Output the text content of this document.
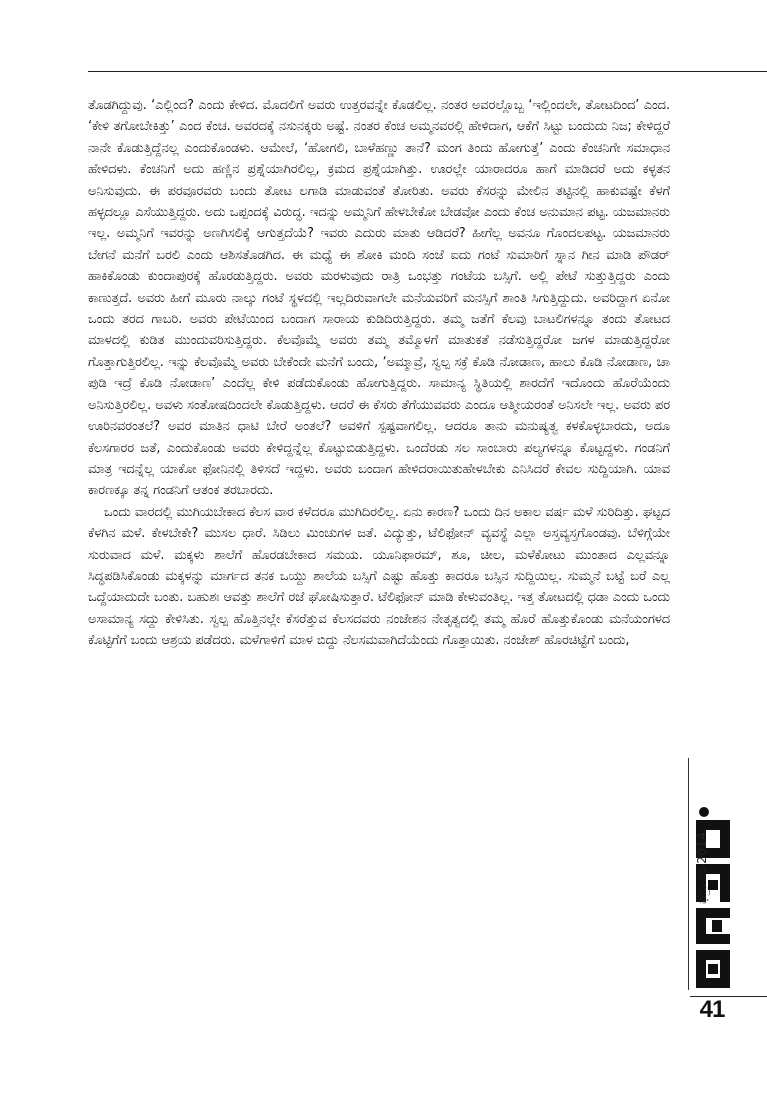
ತೊಡಗಿದ್ದುವು. ‘ಎಲ್ಲಿಂದ? ಎಂದು ಕೇಳಿದ. ಮೊದಲಿಗೆ ಅವರು ಉತ್ತರವನ್ನೇ ಕೊಡಲಿಲ್ಲ. ನಂತರ ಅವರಲ್ಲೊಬ್ಬ ‘ಇಲ್ಲಿಂದಲೇ, ತೋಟದಿಂದ’ ಎಂದ. ‘ಕೇಳಿ ತಗೋಬೇಕಿತ್ತು’ ಎಂದ ಕೆಂಚ. ಅವರದಕ್ಕೆ ನಸುನಕ್ಕರು ಅಷ್ಟೆ. ನಂತರ ಕೆಂಚ ಅಮ್ಮನವರಲ್ಲಿ ಹೇಳಿದಾಗ, ಆಕೆಗೆ ಸಿಟ್ಟು ಬಂದುದು ನಿಜ; ಕೇಳಿದ್ದರೆ ನಾನೇ ಕೊಡುತ್ತಿದ್ದೆನಲ್ಲ ಎಂದುಕೊಂಡಳು. ಆಮೇಲೆ, ‘ಹೋಗಲಿ, ಬಾಳೆಹಣ್ಣು ತಾನೆ? ಮಂಗ ತಿಂದು ಹೋಗುತ್ತೆ’ ಎಂದು ಕೆಂಚನಿಗೇ ಸಮಾಧಾನ ಹೇಳಿದಳು. ಕೆಂಚನಿಗೆ ಅದು ಹಣ್ಣಿನ ಪ್ರಶ್ನೆಯಾಗಿರಲಿಲ್ಲ, ಕ್ರಮದ ಪ್ರಶ್ನೆಯಾಗಿತ್ತು. ಊರಲ್ಲೇ ಯಾರಾದರೂ ಹಾಗೆ ಮಾಡಿದರೆ ಅದು ಕಳ್ಳತನ ಅನಿಸುವುದು. ಈ ಪರವೂರವರು ಬಂದು ತೋಟ ಲಗಾಡಿ ಮಾಡುವಂತೆ ತೋರಿತು. ಅವರು ಕೆಸರನ್ನು ಮೇಲಿನ ತಟ್ಟಿನಲ್ಲಿ ಹಾಕುವಷ್ಟೇ ಕೆಳಗೆ ಹಳ್ಳದಲ್ಲೂ ಎಸೆಯುತ್ತಿದ್ದರು. ಅದು ಒಪ್ಪಂದಕ್ಕೆ ವಿರುದ್ಧ. ಇದನ್ನು ಅಮ್ಮನಿಗೆ ಹೇಳಬೇಕೋ ಬೇಡವೋ ಎಂದು ಕೆಂಚ ಅನುಮಾನ ಪಟ್ಟ. ಯಜಮಾನರು ಇಲ್ಲ. ಅಮ್ಮನಿಗೆ ಇವರನ್ನು ಅಣಗಿಸಲಿಕ್ಕೆ ಆಗುತ್ತದೆಯೆ? ಇವರು ಎದುರು ಮಾತು ಆಡಿದರೆ? ಹೀಗೆಲ್ಲ ಅವನೂ ಗೊಂದಲಪಟ್ಟ. ಯಜಮಾನರು ಬೇಗನೆ ಮನೆಗೆ ಬರಲಿ ಎಂದು ಆಶಿಸತೊಡಗಿದ. ಈ ಮಧ್ಯೆ ಈ ಶೋಕಿ ಮಂದಿ ಸಂಜೆ ಐದು ಗಂಟೆ ಸುಮಾರಿಗೆ ಸ್ನಾನ ಗೀನ ಮಾಡಿ ಪೌಡರ್ ಹಾಕಿಕೊಂಡು ಕುಂದಾಪುರಕ್ಕೆ ಹೊರಡುತ್ತಿದ್ದರು. ಅವರು ಮರಳುವುದು ರಾತ್ರಿ ಒಂಭತ್ತು ಗಂಟೆಯ ಬಸ್ಸಿಗೆ. ಅಲ್ಲಿ ಪೇಟೆ ಸುತ್ತುತ್ತಿದ್ದರು ಎಂದು ಕಾಣುತ್ತದೆ. ಅವರು ಹೀಗೆ ಮೂರು ನಾಲ್ಕು ಗಂಟೆ ಸ್ಥಳದಲ್ಲಿ ಇಲ್ಲದಿರುವಾಗಲೇ ಮನೆಯವರಿಗೆ ಮನಸ್ಸಿಗೆ ಶಾಂತಿ ಸಿಗುತ್ತಿದ್ದುದು. ಅವರಿದ್ದಾಗ ಏನೋ ಒಂದು ತರದ ಗಾಬರಿ. ಅವರು ಪೇಟೆಯಿಂದ ಬಂದಾಗ ಸಾರಾಯ ಕುಡಿದಿರುತ್ತಿದ್ದರು. ತಮ್ಮ ಜತೆಗೆ ಕೆಲವು ಬಾಟಲಿಗಳನ್ನೂ ತಂದು ತೋಟದ ಮಾಳದಲ್ಲಿ ಕುಡಿತ ಮುಂದುವರಿಸುತ್ತಿದ್ದರು. ಕೆಲವೊಮ್ಮೆ ಅವರು ತಮ್ಮ ತಮ್ಮೊಳಗೆ ಮಾತುಕತೆ ನಡೆಸುತ್ತಿದ್ದರೋ ಜಗಳ ಮಾಡುತ್ತಿದ್ದರೋ ಗೊತ್ತಾಗುತ್ತಿರಲಿಲ್ಲ. ಇನ್ನು ಕೆಲವೊಮ್ಮೆ ಅವರು ಬೇಕೆಂದೇ ಮನೆಗೆ ಬಂದು, ‘ಅಮ್ಮಾವ್ರೆ, ಸ್ವಲ್ಪ ಸಕ್ರೆ ಕೊಡಿ ನೋಡಾಣ, ಹಾಲು ಕೊಡಿ ನೋಡಾಣ, ಚಾ ಪುಡಿ ಇದ್ರೆ ಕೊಡಿ ನೋಡಾಣ’ ಎಂದೆಲ್ಲ ಕೇಳಿ ಪಡೆದುಕೊಂಡು ಹೋಗುತ್ತಿದ್ದರು. ಸಾಮಾನ್ಯ ಸ್ಥಿತಿಯಲ್ಲಿ ಶಾರದೆಗೆ ಇದೊಂದು ಹೊರೆಯೆಂದು ಅನಿಸುತ್ತಿರಲಿಲ್ಲ. ಅವಳು ಸಂತೋಷದಿಂದಲೇ ಕೊಡುತ್ತಿದ್ದಳು. ಆದರೆ ಈ ಕೆಸರು ತೆಗೆಯುವವರು ಎಂದೂ ಆತ್ಮೀಯರಂತೆ ಅನಿಸಲೇ ಇಲ್ಲ. ಅವರು ಪರ ಊರಿನವರಂತಲೆ? ಅವರ ಮಾತಿನ ಧಾಟಿ ಬೇರೆ ಅಂತಲೆ? ಅವಳಿಗೆ ಸ್ಪಷ್ಟವಾಗಲಿಲ್ಲ. ಆದರೂ ತಾನು ಮನುಷ್ಯತ್ವ ಕಳಕೊಳ್ಳಬಾರದು, ಅದೂ ಕೆಲಸಗಾರರ ಜತೆ, ಎಂದುಕೊಂಡು ಅವರು ಕೇಳಿದ್ದನ್ನೆಲ್ಲ ಕೊಟ್ಟುಬಿಡುತ್ತಿದ್ದಳು. ಒಂದೆರಡು ಸಲ ಸಾಂಬಾರು ಪಲ್ಯಗಳನ್ನೂ ಕೊಟ್ಟದ್ದಳು. ಗಂಡನಿಗೆ ಮಾತ್ರ ಇದನ್ನೆಲ್ಲ ಯಾಕೋ ಫೋನಿನಲ್ಲಿ ತಿಳಿಸದೆ ಇದ್ದಳು. ಅವರು ಬಂದಾಗ ಹೇಳಿದರಾಯಿತುಹೇಳಬೇಕು ಎನಿಸಿದರೆ ಕೇವಲ ಸುದ್ದಿಯಾಗಿ. ಯಾವ ಕಾರಣಕ್ಕೂ ತನ್ನ ಗಂಡನಿಗೆ ಆತಂಕ ತರಬಾರದು.

ಒಂದು ವಾರದಲ್ಲಿ ಮುಗಿಯಬೇಕಾದ ಕೆಲಸ ವಾರ ಕಳೆದರೂ ಮುಗಿದಿರಲಿಲ್ಲ. ಏನು ಕಾರಣ? ಒಂದು ದಿನ ಅಕಾಲ ವರ್ಷ ಮಳೆ ಸುರಿದಿತ್ತು. ಘಟ್ಟದ ಕೆಳಗಿನ ಮಳೆ. ಕೇಳಬೇಕೇ? ಮುಸಲ ಧಾರೆ. ಸಿಡಿಲು ಮಿಂಚುಗಳ ಜತೆ. ವಿದ್ಯುತ್ತು, ಟೆಲಿಫೋನ್ ವ್ಯವಸ್ಥೆ ಎಲ್ಲಾ ಅಸ್ತವ್ಯಸ್ತಗೊಂಡವು. ಬೆಳಿಗ್ಗೆಯೇ ಸುರುವಾದ ಮಳೆ. ಮಕ್ಕಳು ಶಾಲೆಗೆ ಹೊರಡಬೇಕಾದ ಸಮಯ. ಯೂನಿಫಾರಮ್, ಶೂ, ಚೀಲ, ಮಳೆಕೋಟು ಮುಂತಾದ ಎಲ್ಲವನ್ನೂ ಸಿದ್ಧಪಡಿಸಿಕೊಂಡು ಮಕ್ಕಳನ್ನು ಮಾರ್ಗದ ತನಕ ಒಯ್ದು ಶಾಲೆಯ ಬಸ್ಸಿಗೆ ಎಷ್ಟು ಹೊತ್ತು ಕಾದರೂ ಬಸ್ಸಿನ ಸುದ್ದಿಯಿಲ್ಲ. ಸುಮ್ಮನೆ ಬಟ್ಟೆ ಬರೆ ಎಲ್ಲ ಒದ್ದೆಯಾದುದೇ ಬಂತು. ಬಹುಶಃ ಆವತ್ತು ಶಾಲೆಗೆ ರಜೆ ಘೋಷಿಸುತ್ತಾರೆ. ಟೆಲಿಫೋನ್ ಮಾಡಿ ಕೇಳುವಂತಿಲ್ಲ. ಇತ್ತ ತೋಟದಲ್ಲಿ ಧಡಾ ಎಂದು ಒಂದು ಅಸಾಮಾನ್ಯ ಸದ್ದು ಕೇಳಿಸಿತು. ಸ್ವಲ್ಪ ಹೊತ್ತಿನಲ್ಲೇ ಕೆಸರೆತ್ತುವ ಕೆಲಸದವರು ನಂಜೇಶನ ನೇತೃತ್ವದಲ್ಲಿ ತಮ್ಮ ಹೊರೆ ಹೊತ್ತುಕೊಂಡು ಮನೆಯಂಗಳದ ಕೊಟ್ಟಿಗೆಗೆ ಬಂದು ಆಶ್ರಯ ಪಡೆದರು. ಮಳೆಗಾಳಿಗೆ ಮಾಳ ಬಿದ್ದು ನೆಲಸಮವಾಗಿದೆಯೆಂದು ಗೊತ್ತಾಯಿತು. ನಂಜೇಶ್ ಹೊರಚಿಟ್ಟೆಗೆ ಬಂದು,

ಫೆಬ್ರುವರಿ 2014
41
